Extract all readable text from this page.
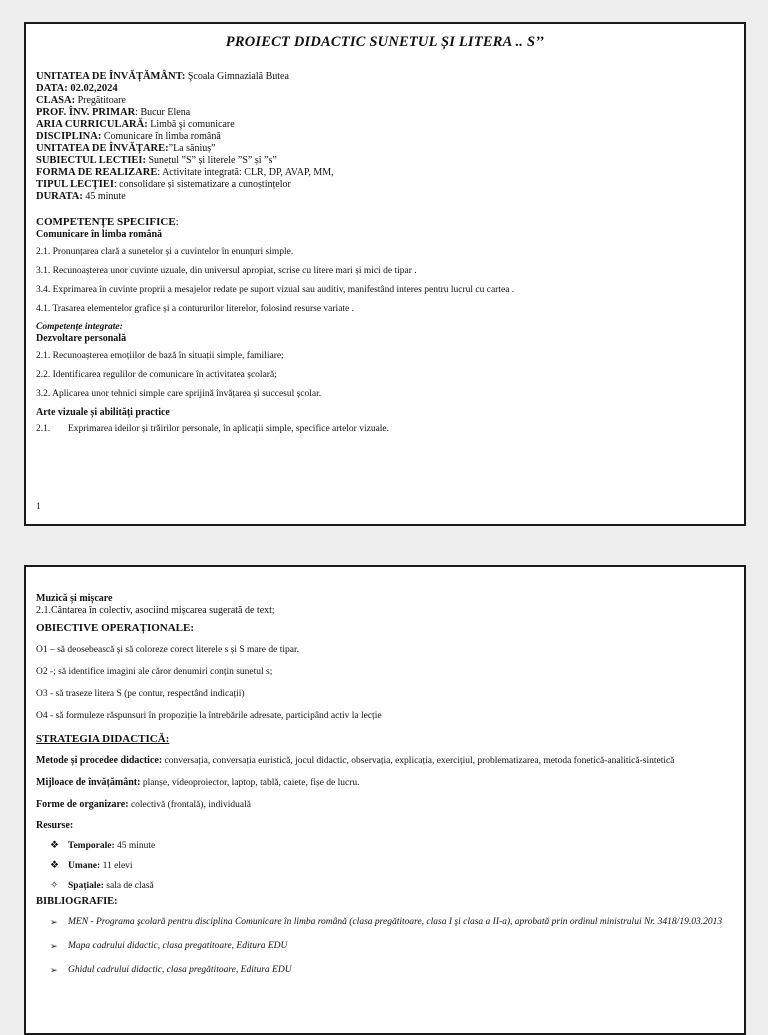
PROIECT DIDACTIC SUNETUL ȘI LITERA .. S’’
UNITATEA DE ÎNVĂȚĂMÂNT: Şcoala Gimnazială Butea
DATA: 02.02,2024
CLASA: Pregătitoare
PROF. ÎNV. PRIMAR: Bucur Elena
ARIA CURRICULARĂ: Limbă şi comunicare
DISCIPLINA: Comunicare în limba română
UNITATEA DE ÎNVĂȚARE:”La săniuș”
SUBIECTUL LECTIEI: Sunetul ”S” și literele ”S” și ”s”
FORMA DE REALIZARE: Activitate integrată: CLR, DP, AVAP, MM,
TIPUL LECȚIEI: consolidare și sistematizare a cunoștințelor
DURATA: 45 minute
COMPETENŢE SPECIFICE:
Comunicare în limba română
2.1. Pronunțarea clară a sunetelor și a cuvintelor în enunțuri simple.
3.1. Recunoașterea unor cuvinte uzuale, din universul apropiat, scrise cu litere mari și mici de tipar .
3.4. Exprimarea în cuvinte proprii a mesajelor redate pe suport vizual sau auditiv, manifestând interes pentru lucrul cu cartea .
4.1. Trasarea elementelor grafice și a contururilor literelor, folosind resurse variate .
Competențe integrate:
Dezvoltare personală
2.1. Recunoașterea emoțiilor de bază în situații simple, familiare;
2.2. Identificarea regulilor de comunicare în activitatea școlară;
3.2. Aplicarea unor tehnici simple care sprijină învățarea și succesul școlar.
Arte vizuale și abilități practice
2.1. Exprimarea ideilor și trăirilor personale, în aplicații simple, specifice artelor vizuale.
1
Muzică și mișcare
2.1.Cântarea în colectiv, asociind mișcarea sugerată de text;
OBIECTIVE OPERAȚIONALE:
O1 – să deosebească și să coloreze corect literele s și S mare de tipar.
O2 -; să identifice imagini ale căror denumiri conțin sunetul s;
O3 - să traseze litera S (pe contur, respectând indicații)
O4 - să formuleze răspunsuri în propoziție la întrebările adresate, participând activ la lecție
STRATEGIA DIDACTICĂ:
Metode și procedee didactice: conversația, conversația euristică, jocul didactic, observația, explicația, exercițiul, problematizarea, metoda fonetică-analitică-sintetică
Mijloace de învățământ: planșe, videoproiector, laptop, tablă, caiete, fișe de lucru.
Forme de organizare: colectivă (frontală), individuală
Resurse:
❖ Temporale: 45 minute
❖ Umane: 11 elevi
✧ Spațiale: sala de clasă
BIBLIOGRAFIE:
➢	MEN - Programa şcolară pentru disciplina Comunicare în limba română (clasa pregătitoare, clasa I şi clasa a II-a), aprobată prin ordinul ministrului Nr. 3418/19.03.2013
➢	Mapa cadrului didactic, clasa pregatitoare, Editura EDU
➢	Ghidul cadrului didactic, clasa pregătitoare, Editura EDU
